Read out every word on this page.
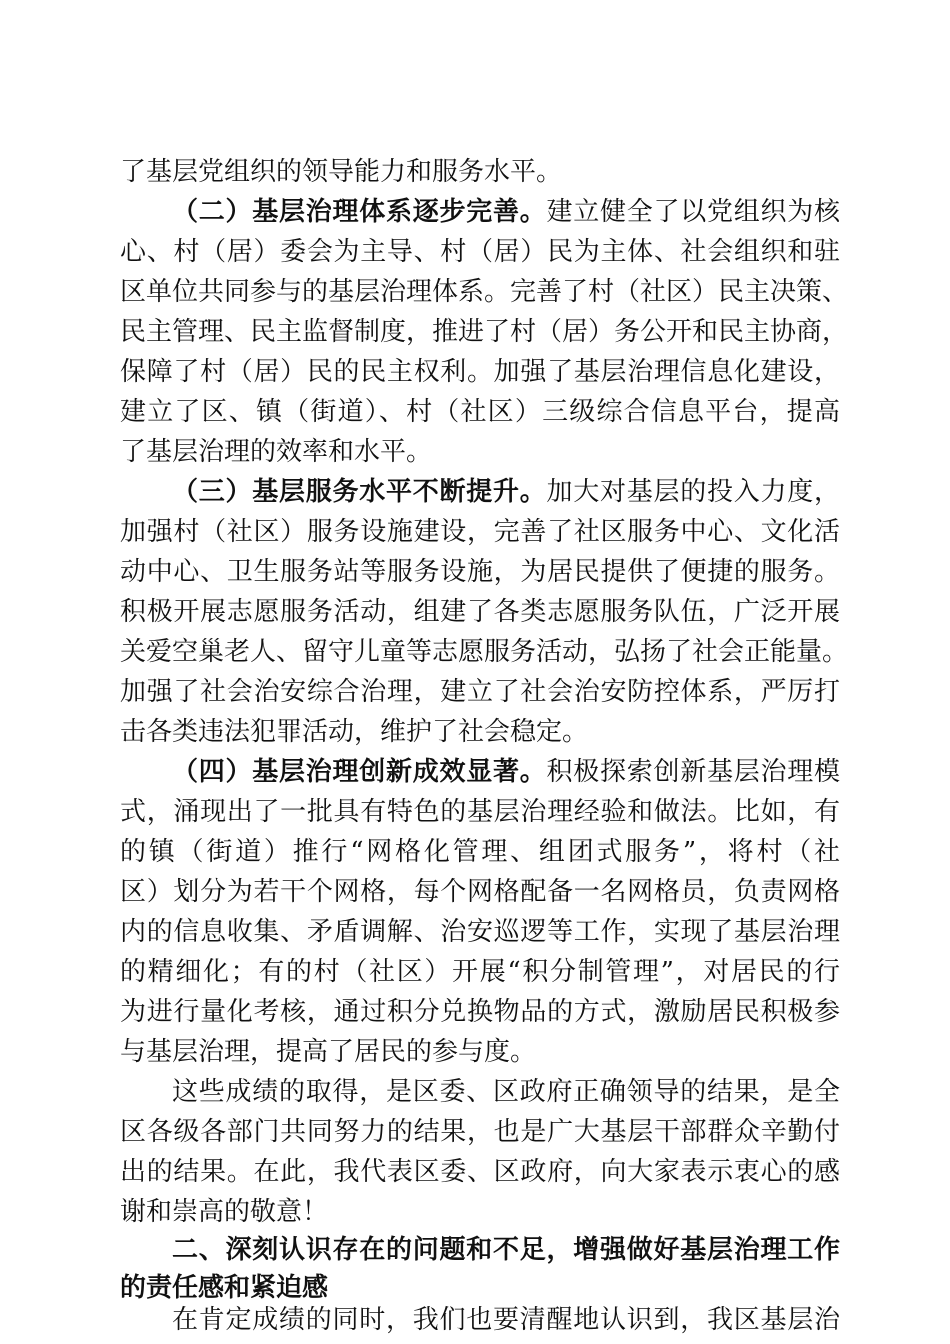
了基层党组织的领导能力和服务水平。
（二）基层治理体系逐步完善。建立健全了以党组织为核
心、村（居）委会为主导、村（居）民为主体、社会组织和驻
区单位共同参与的基层治理体系。完善了村（社区）民主决策、
民主管理、民主监督制度，推进了村（居）务公开和民主协商，
保障了村（居）民的民主权利。加强了基层治理信息化建设，
建立了区、镇（街道）、村（社区）三级综合信息平台，提高
了基层治理的效率和水平。
（三）基层服务水平不断提升。加大对基层的投入力度，
加强村（社区）服务设施建设，完善了社区服务中心、文化活
动中心、卫生服务站等服务设施，为居民提供了便捷的服务。
积极开展志愿服务活动，组建了各类志愿服务队伍，广泛开展
关爱空巢老人、留守儿童等志愿服务活动，弘扬了社会正能量。
加强了社会治安综合治理，建立了社会治安防控体系，严厉打
击各类违法犯罪活动，维护了社会稳定。
（四）基层治理创新成效显著。积极探索创新基层治理模
式，涌现出了一批具有特色的基层治理经验和做法。比如，有
的镇（街道）推行“网格化管理、组团式服务”，将村（社
区）划分为若干个网格，每个网格配备一名网格员，负责网格
内的信息收集、矛盾调解、治安巡逻等工作，实现了基层治理
的精细化；有的村（社区）开展“积分制管理”，对居民的行
为进行量化考核，通过积分兑换物品的方式，激励居民积极参
与基层治理，提高了居民的参与度。
这些成绩的取得，是区委、区政府正确领导的结果，是全
区各级各部门共同努力的结果，也是广大基层干部群众辛勤付
出的结果。在此，我代表区委、区政府，向大家表示衷心的感
谢和崇高的敬意！
二、深刻认识存在的问题和不足，增强做好基层治理工作
的责任感和紧迫感
在肯定成绩的同时，我们也要清醒地认识到，我区基层治
